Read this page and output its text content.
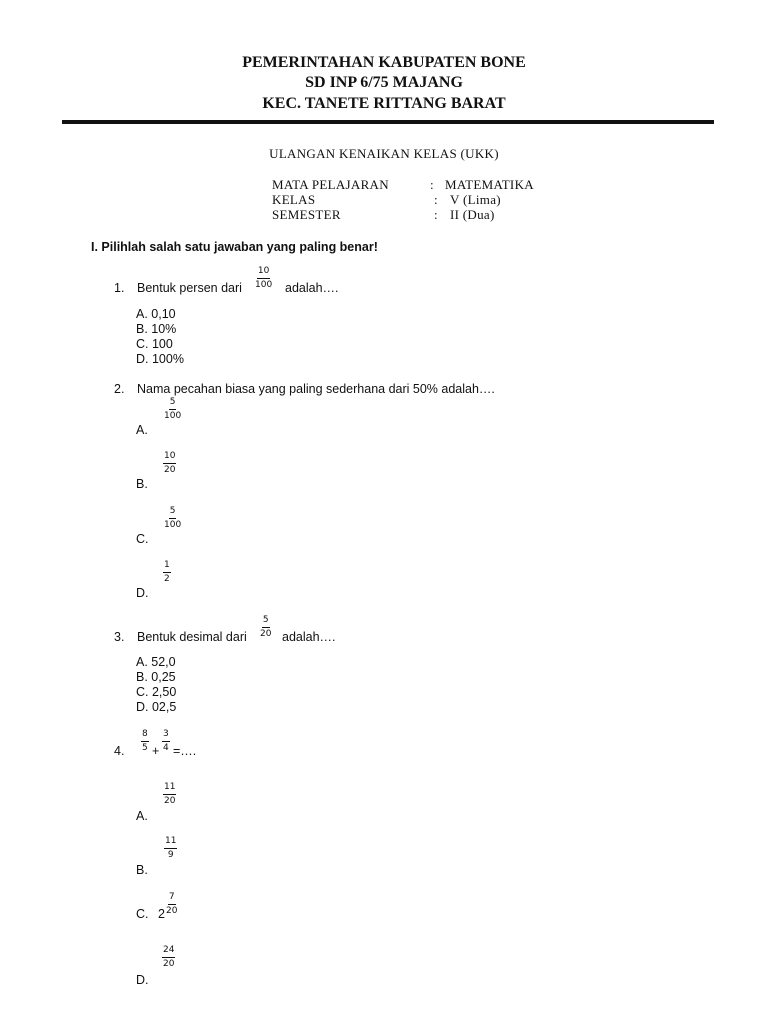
PEMERINTAHAN KABUPATEN BONE
SD INP 6/75 MAJANG
KEC. TANETE RITTANG BARAT
ULANGAN KENAIKAN KELAS (UKK)
MATA PELAJARAN	: MATEMATIKA
KELAS	: V (Lima)
SEMESTER	: II (Dua)
I. Pilihlah salah satu jawaban yang paling benar!
1. Bentuk persen dari $\frac{10}{100}$ adalah….
A. 0,10
B. 10%
C. 100
D. 100%
2. Nama pecahan biasa yang paling sederhana dari 50% adalah….
$\frac{5}{100}$
A.
$\frac{10}{20}$
B.
$\frac{5}{100}$
C.
$\frac{1}{2}$
D.
3. Bentuk desimal dari $\frac{5}{20}$ adalah….
A. 52,0
B. 0,25
C. 2,50
D. 02,5
4. $\frac{8}{5} + \frac{3}{4}$ =….
$\frac{11}{20}$
A.
$\frac{11}{9}$
B.
C. $2 \frac{7}{20}$
$\frac{24}{20}$
D.
